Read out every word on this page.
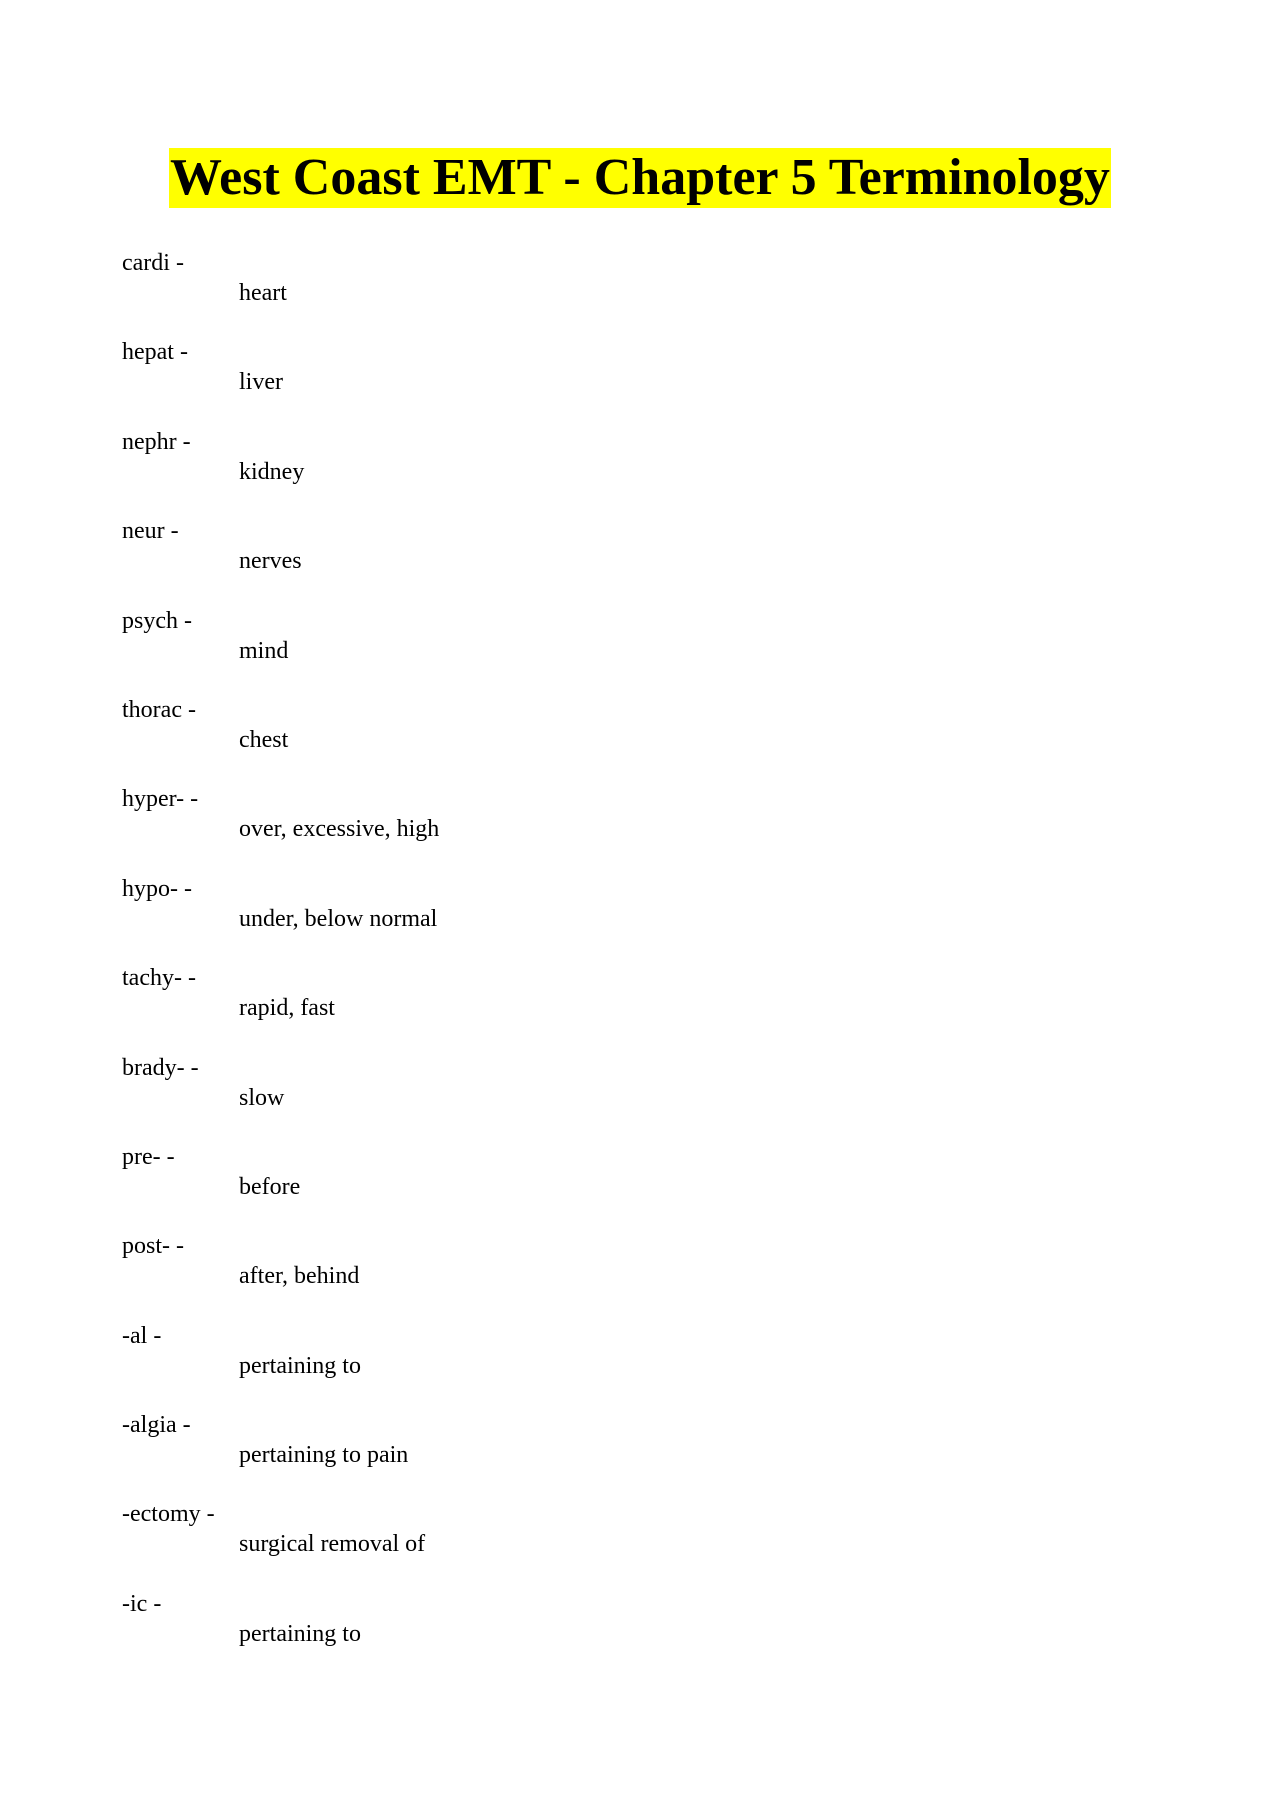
West Coast EMT - Chapter 5 Terminology
cardi -
heart
hepat -
liver
nephr -
kidney
neur -
nerves
psych -
mind
thorac -
chest
hyper- -
over, excessive, high
hypo- -
under, below normal
tachy- -
rapid, fast
brady- -
slow
pre- -
before
post- -
after, behind
-al -
pertaining to
-algia -
pertaining to pain
-ectomy -
surgical removal of
-ic -
pertaining to
